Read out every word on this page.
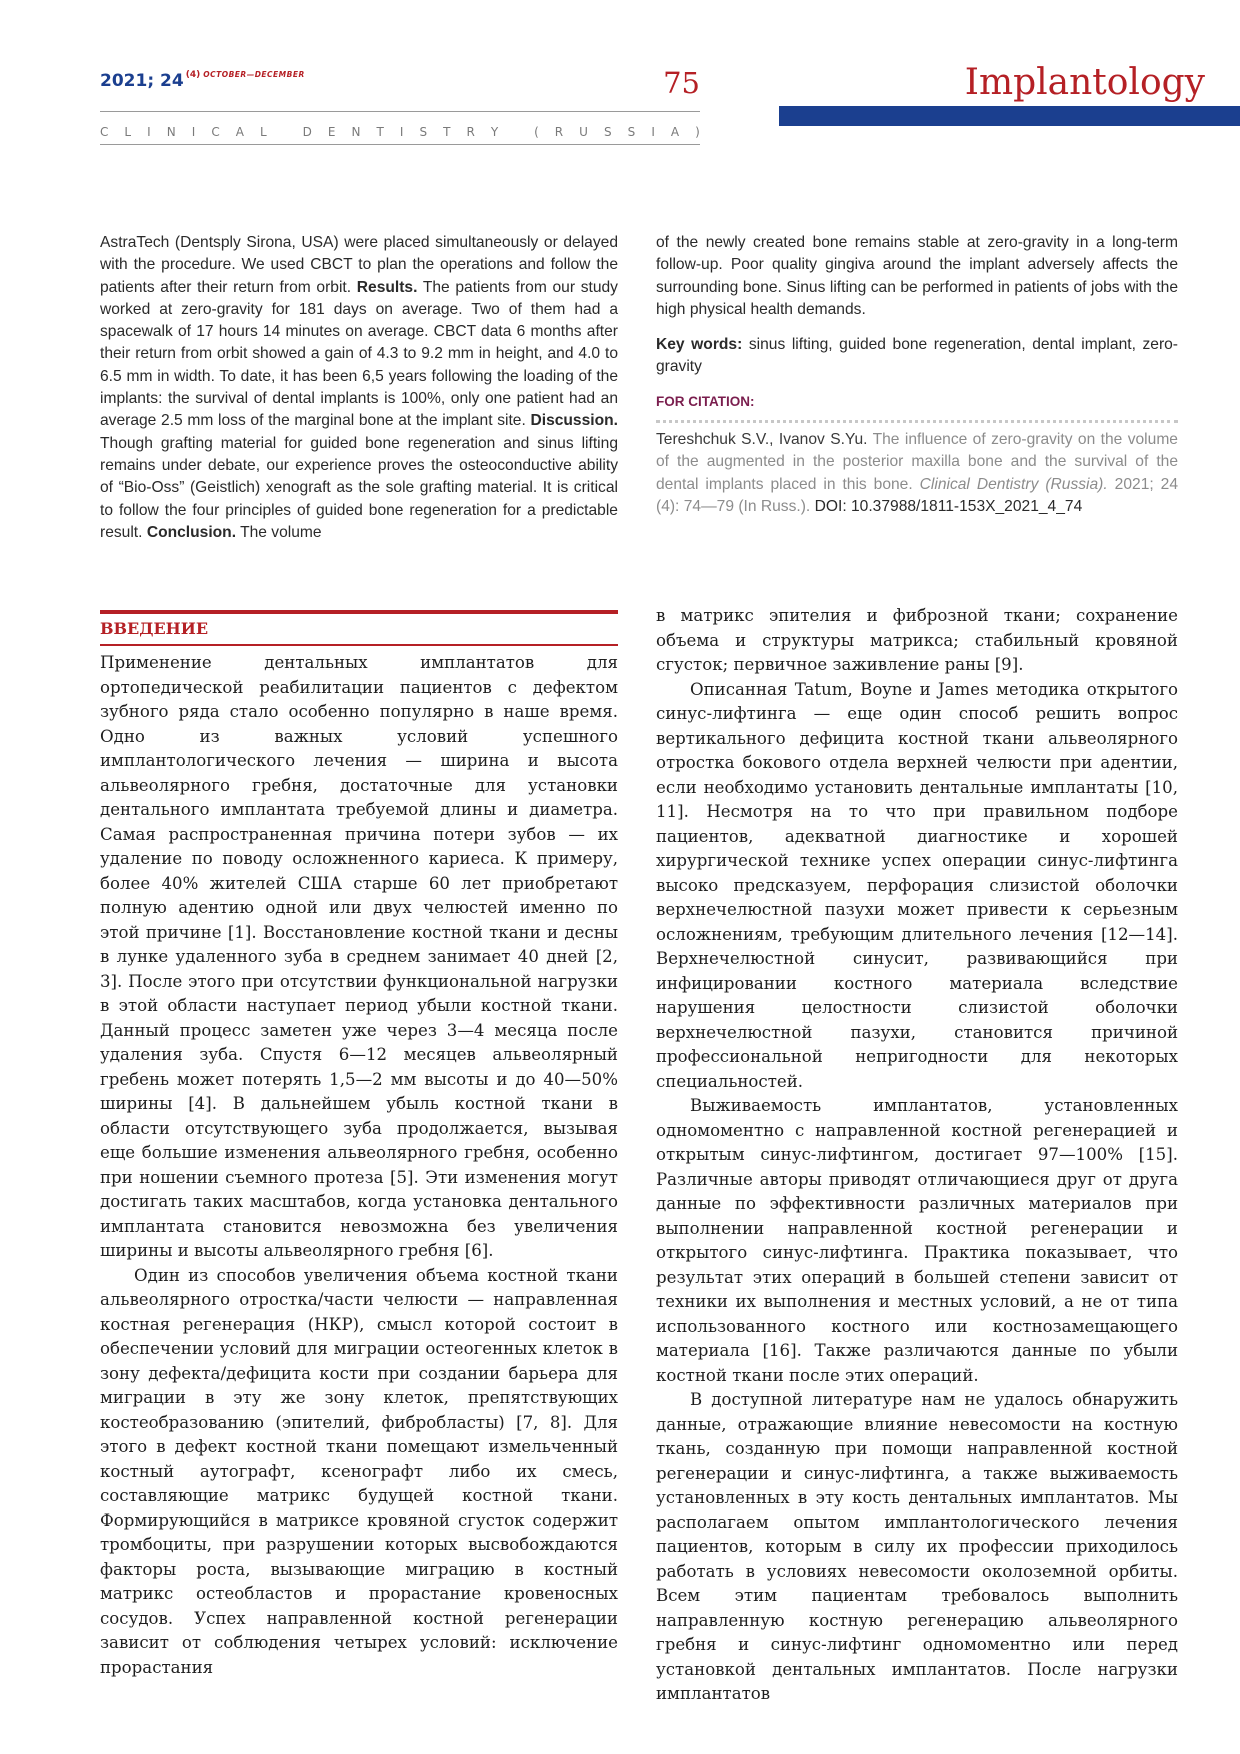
2021; 24 $^{(4)}$ $^{OCTOBER—DECEMBER}$	75
C L I N I C A L
	D E N T I S T R Y
	( R U S S I A )
Implantology
AstraTech (Dentsply Sirona, USA) were placed simultaneously or delayed with the procedure. We used CBCT to plan the operations and follow the patients after their return from orbit. Results. The patients from our study worked at zero-gravity for 181 days on average. Two of them had a spacewalk of 17 hours 14 minutes on average. CBCT data 6 months after their return from orbit showed a gain of 4.3 to 9.2 mm in height, and 4.0 to 6.5 mm in width. To date, it has been 6,5 years following the loading of the implants: the survival of dental implants is 100%, only one patient had an average 2.5 mm loss of the marginal bone at the implant site. Discussion. Though grafting material for guided bone regeneration and sinus lifting remains under debate, our experience proves the osteoconductive ability of “Bio-Oss” (Geistlich) xenograft as the sole grafting material. It is critical to follow the four principles of guided bone regeneration for a predictable result. Conclusion. The volume
of the newly created bone remains stable at zero-gravity in a long-term follow-up. Poor quality gingiva around the implant adversely affects the surrounding bone. Sinus lifting can be performed in patients of jobs with the high physical health demands.
Key words: sinus lifting, guided bone regeneration, dental implant, zero-gravity
FOR CITATION:
Tereshchuk S.V., Ivanov S.Yu. The influence of zero-gravity on the volume of the augmented in the posterior maxilla bone and the survival of the dental implants placed in this bone. Clinical Dentistry (Russia). 2021; 24 (4): 74—79 (In Russ.). DOI: 10.37988/1811-153X_2021_4_74
ВВЕДЕНИЕ

Применение дентальных имплантатов для ортопедической реабилитации пациентов с дефектом зубного ряда стало особенно популярно в наше время. Одно из важных условий успешного имплантологического лечения — ширина и высота альвеолярного гребня, достаточные для установки дентального имплантата требуемой длины и диаметра. Самая распространенная причина потери зубов — их удаление по поводу осложненного кариеса. К примеру, более 40% жителей США старше 60 лет приобретают полную адентию одной или двух челюстей именно по этой причине [1]. Восстановление костной ткани и десны в лунке удаленного зуба в среднем занимает 40 дней [2, 3]. После этого при отсутствии функциональной нагрузки в этой области наступает период убыли костной ткани. Данный процесс заметен уже через 3—4 месяца после удаления зуба. Спустя 6—12 месяцев альвеолярный гребень может потерять 1,5—2 мм высоты и до 40—50% ширины [4]. В дальнейшем убыль костной ткани в области отсутствующего зуба продолжается, вызывая еще большие изменения альвеолярного гребня, особенно при ношении съемного протеза [5]. Эти изменения могут достигать таких масштабов, когда установка дентального имплантата становится невозможна без увеличения ширины и высоты альвеолярного гребня [6].

Один из способов увеличения объема костной ткани альвеолярного отростка/части челюсти — направленная костная регенерация (НКР), смысл которой состоит в обеспечении условий для миграции остеогенных клеток в зону дефекта/дефицита кости при создании барьера для миграции в эту же зону клеток, препятствующих костеобразованию (эпителий, фибробласты) [7, 8]. Для этого в дефект костной ткани помещают измельченный костный аутографт, ксенографт либо их смесь, составляющие матрикс будущей костной ткани. Формирующийся в матриксе кровяной сгусток содержит тромбоциты, при разрушении которых высвобождаются факторы роста, вызывающие миграцию в костный матрикс остеобластов и прорастание кровеносных сосудов. Успех направленной костной регенерации зависит от соблюдения четырех условий: исключение прорастания

в матрикс эпителия и фиброзной ткани; сохранение объема и структуры матрикса; стабильный кровяной сгусток; первичное заживление раны [9].

Описанная Tatum, Boyne и James методика открытого синус-лифтинга — еще один способ решить вопрос вертикального дефицита костной ткани альвеолярного отростка бокового отдела верхней челюсти при адентии, если необходимо установить дентальные имплантаты [10, 11]. Несмотря на то что при правильном подборе пациентов, адекватной диагностике и хорошей хирургической технике успех операции синус-лифтинга высоко предсказуем, перфорация слизистой оболочки верхнечелюстной пазухи может привести к серьезным осложнениям, требующим длительного лечения [12—14]. Верхнечелюстной синусит, развивающийся при инфицировании костного материала вследствие нарушения целостности слизистой оболочки верхнечелюстной пазухи, становится причиной профессиональной непригодности для некоторых специальностей.

Выживаемость имплантатов, установленных одномоментно с направленной костной регенерацией и открытым синус-лифтингом, достигает 97—100% [15]. Различные авторы приводят отличающиеся друг от друга данные по эффективности различных материалов при выполнении направленной костной регенерации и открытого синус-лифтинга. Практика показывает, что результат этих операций в большей степени зависит от техники их выполнения и местных условий, а не от типа использованного костного или костнозамещающего материала [16]. Также различаются данные по убыли костной ткани после этих операций.

В доступной литературе нам не удалось обнаружить данные, отражающие влияние невесомости на костную ткань, созданную при помощи направленной костной регенерации и синус-лифтинга, а также выживаемость установленных в эту кость дентальных имплантатов. Мы располагаем опытом имплантологического лечения пациентов, которым в силу их профессии приходилось работать в условиях невесомости околоземной орбиты. Всем этим пациентам требовалось выполнить направленную костную регенерацию альвеолярного гребня и синус-лифтинг одномоментно или перед установкой дентальных имплантатов. После нагрузки имплантатов
